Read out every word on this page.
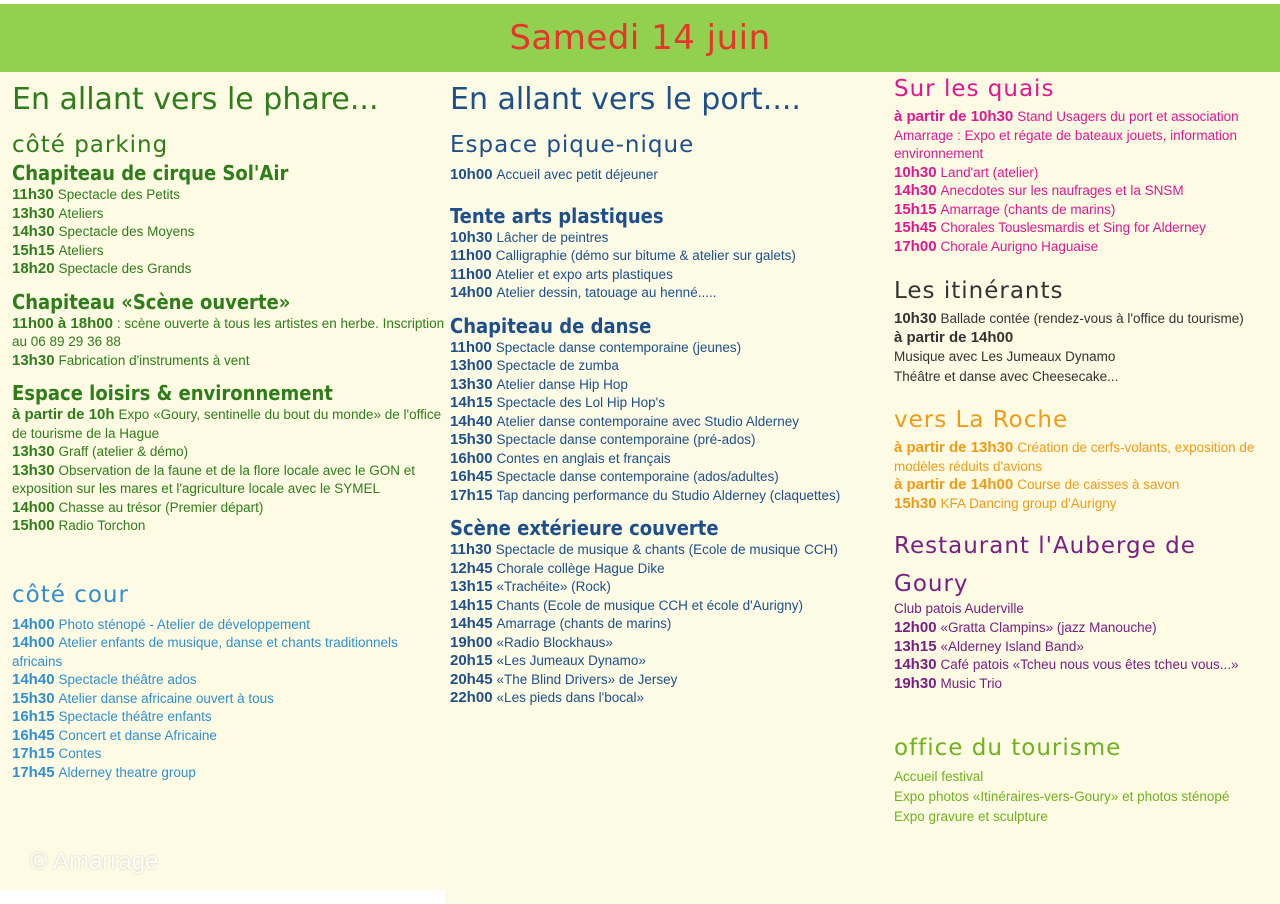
Samedi 14 juin
En allant vers le phare...
côté parking
Chapiteau de cirque Sol'Air
11h30 Spectacle des Petits
13h30 Ateliers
14h30 Spectacle des Moyens
15h15 Ateliers
18h20 Spectacle des Grands
Chapiteau «Scène ouverte»
11h00 à 18h00 : scène ouverte à tous les artistes en herbe. Inscription au 06 89 29 36 88
13h30 Fabrication d'instruments à vent
Espace loisirs & environnement
à partir de 10h Expo «Goury, sentinelle du bout du monde» de l'office de tourisme de la Hague
13h30 Graff (atelier & démo)
13h30 Observation de la faune et de la flore locale avec le GON et exposition sur les mares et l'agriculture locale avec le SYMEL
14h00 Chasse au trésor (Premier départ)
15h00 Radio Torchon
côté cour
14h00 Photo sténopé - Atelier de développement
14h00 Atelier enfants de musique, danse et chants traditionnels africains
14h40 Spectacle théâtre ados
15h30 Atelier danse africaine ouvert à tous
16h15 Spectacle théâtre enfants
16h45 Concert et danse Africaine
17h15 Contes
17h45 Alderney theatre group
En allant vers le port....
Espace pique-nique
10h00 Accueil avec petit déjeuner
Tente arts plastiques
10h30 Lâcher de peintres
11h00 Calligraphie (démo sur bitume & atelier sur galets)
11h00 Atelier et expo arts plastiques
14h00 Atelier dessin, tatouage au henné.....
Chapiteau de danse
11h00 Spectacle danse contemporaine (jeunes)
13h00 Spectacle de zumba
13h30 Atelier danse Hip Hop
14h15 Spectacle des Lol Hip Hop's
14h40 Atelier danse contemporaine avec Studio Alderney
15h30 Spectacle danse contemporaine (pré-ados)
16h00 Contes en anglais et français
16h45 Spectacle danse contemporaine (ados/adultes)
17h15 Tap dancing performance du Studio Alderney (claquettes)
Scène extérieure couverte
11h30 Spectacle de musique & chants (Ecole de musique CCH)
12h45 Chorale collège Hague Dike
13h15 «Trachéite» (Rock)
14h15 Chants (Ecole de musique CCH et école d'Aurigny)
14h45 Amarrage (chants de marins)
19h00 «Radio Blockhaus»
20h15 «Les Jumeaux Dynamo»
20h45 «The Blind Drivers» de Jersey
22h00 «Les pieds dans l'bocal»
Sur les quais
à partir de 10h30 Stand Usagers du port et association Amarrage : Expo et régate de bateaux jouets, information environnement
10h30 Land'art (atelier)
14h30 Anecdotes sur les naufrages et la SNSM
15h15 Amarrage (chants de marins)
15h45 Chorales Touslesmardis et Sing for Alderney
17h00 Chorale Aurigno Haguaise
Les itinérants
10h30 Ballade contée (rendez-vous à l'office du tourisme)
à partir de 14h00
Musique avec Les Jumeaux Dynamo
Théâtre et danse avec Cheesecake...
vers La Roche
à partir de 13h30 Création de cerfs-volants, exposition de modèles réduits d'avions
à partir de 14h00 Course de caisses à savon
15h30 KFA Dancing group d'Aurigny
Restaurant l'Auberge de
Goury
Club patois Auderville
12h00 «Gratta Clampins» (jazz Manouche)
13h15 «Alderney Island Band»
14h30 Café patois «Tcheu nous vous êtes tcheu vous...»
19h30 Music Trio
office du tourisme
Accueil festival
Expo photos «Itinéraires-vers-Goury» et photos sténopé
Expo gravure et sculpture
© Amarrage
